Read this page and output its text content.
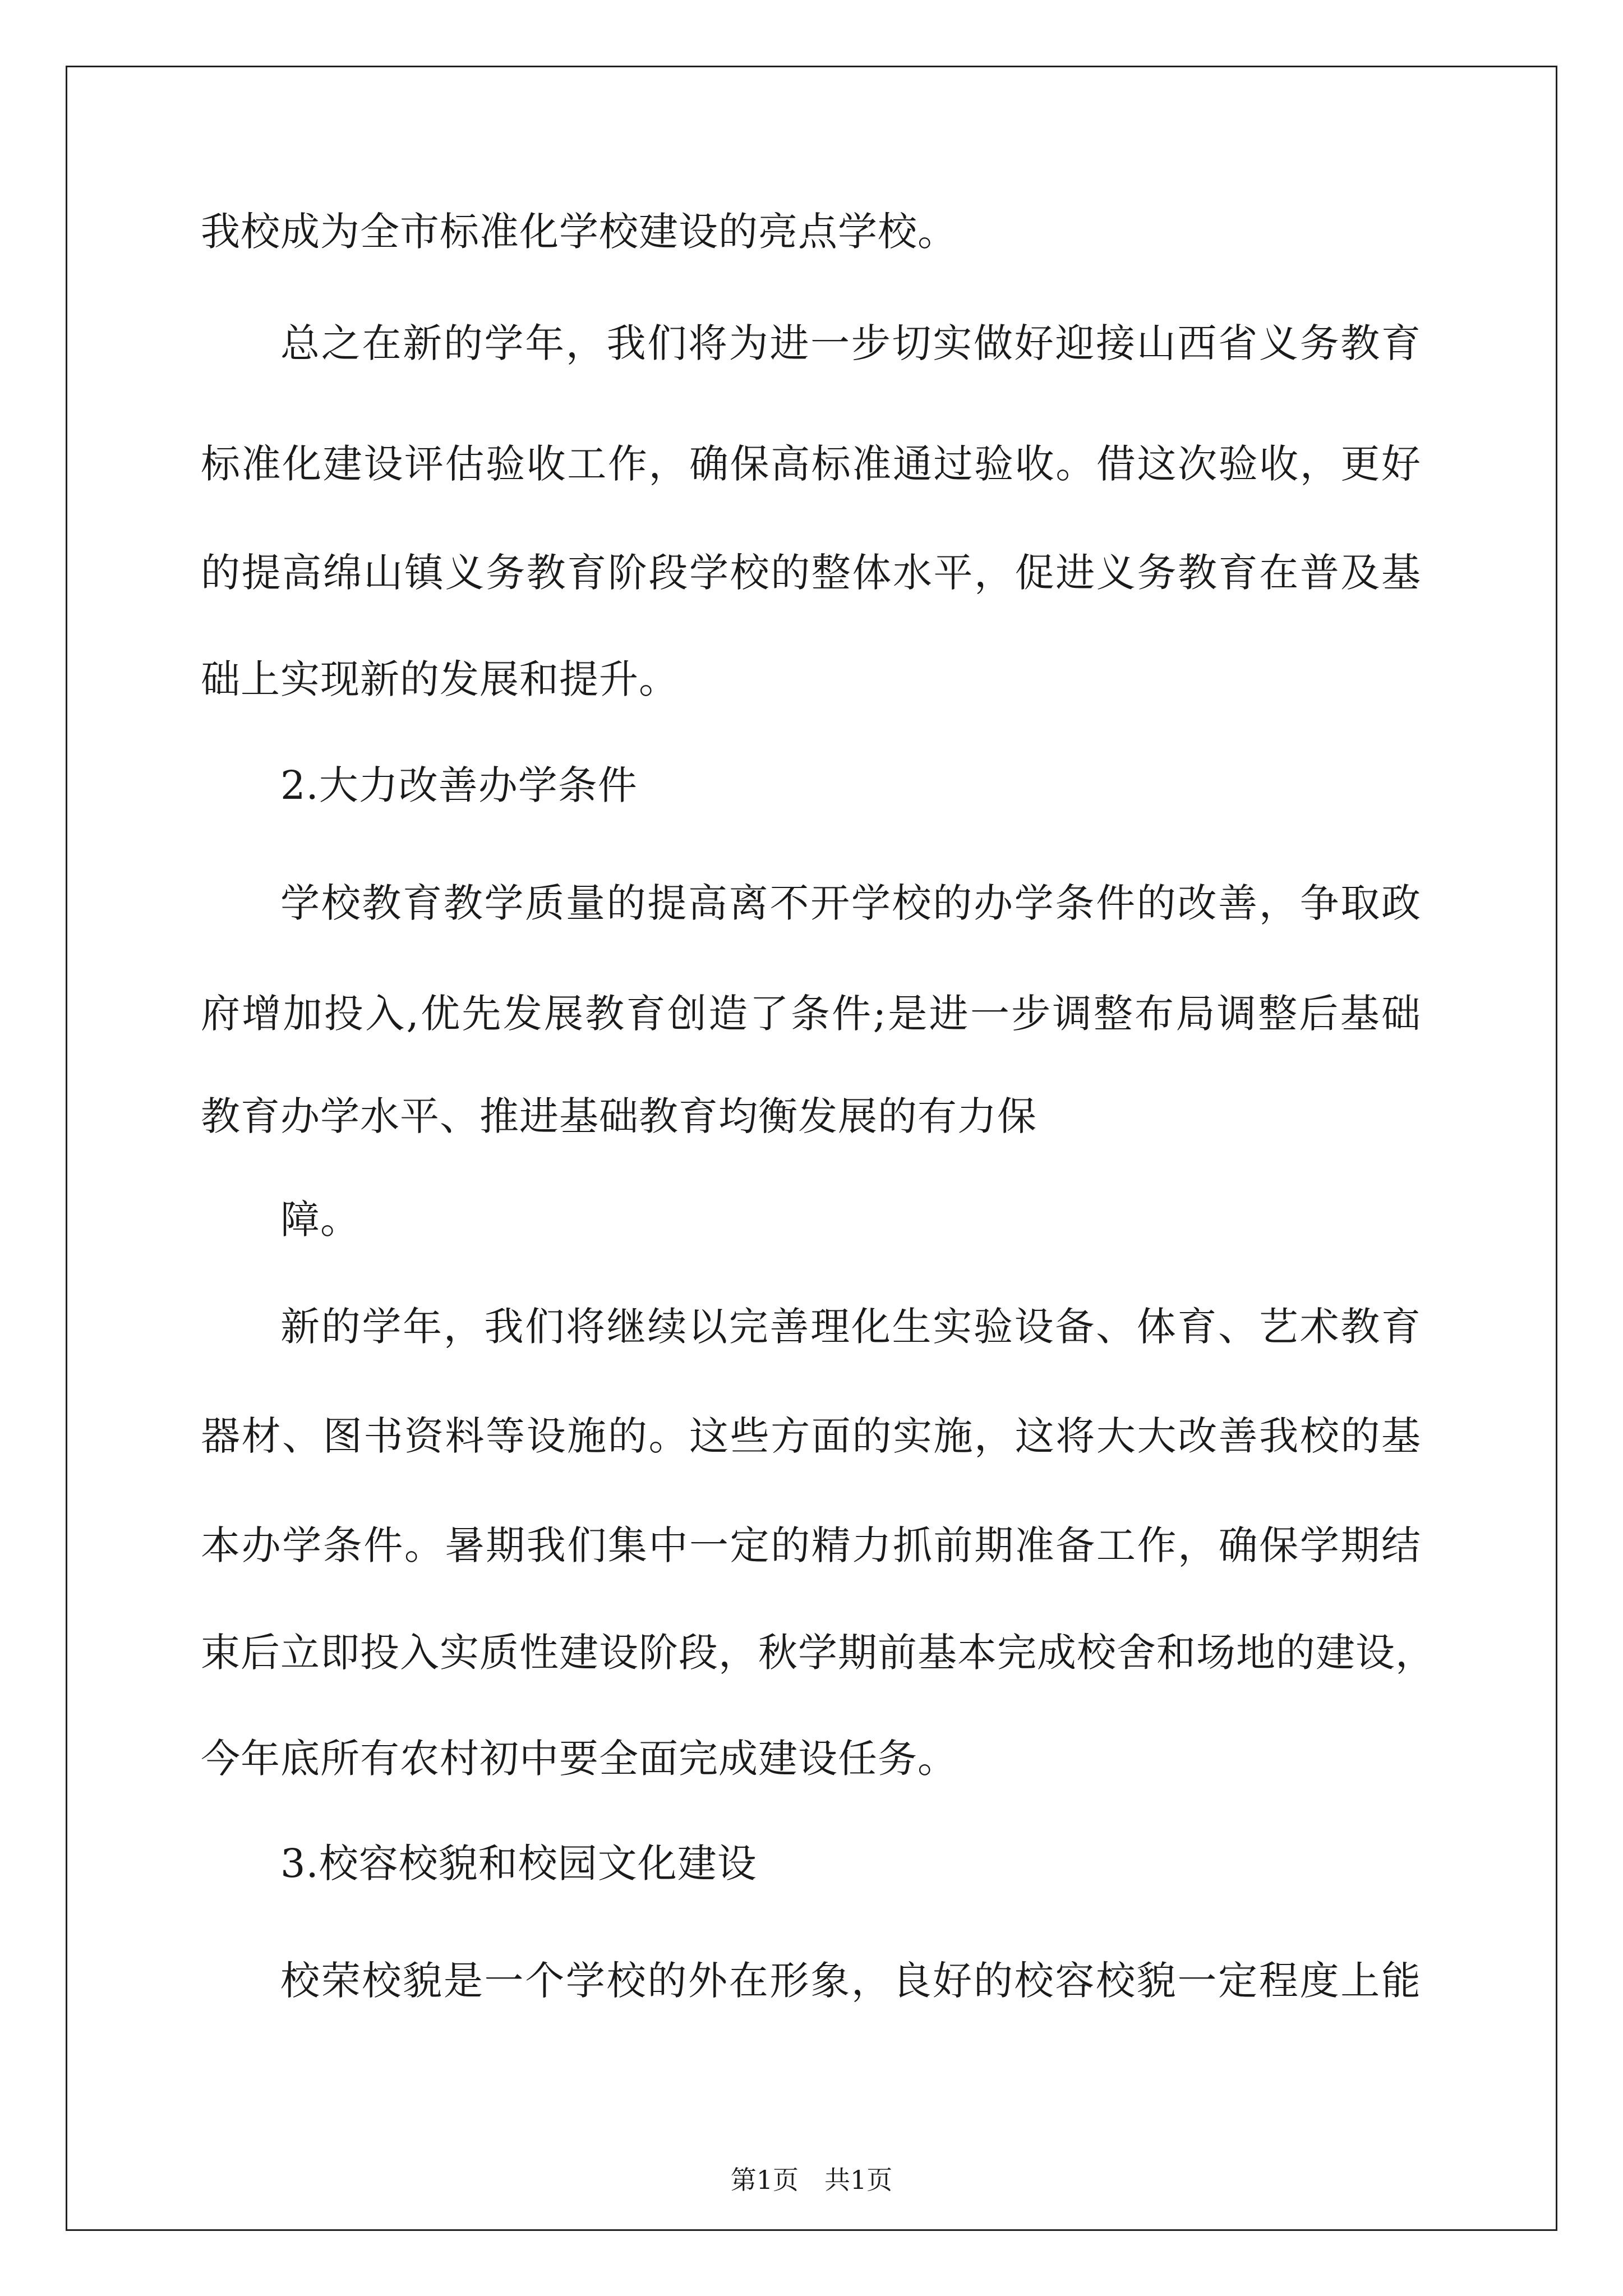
我校成为全市标准化学校建设的亮点学校。
总之在新的学年，我们将为进一步切实做好迎接山西省义务教育
标准化建设评估验收工作，确保高标准通过验收。借这次验收，更好
的提高绵山镇义务教育阶段学校的整体水平，促进义务教育在普及基
础上实现新的发展和提升。
2.大力改善办学条件
学校教育教学质量的提高离不开学校的办学条件的改善，争取政
府增加投入,优先发展教育创造了条件;是进一步调整布局调整后基础
教育办学水平、推进基础教育均衡发展的有力保
障。
新的学年，我们将继续以完善理化生实验设备、体育、艺术教育
器材、图书资料等设施的。这些方面的实施，这将大大改善我校的基
本办学条件。暑期我们集中一定的精力抓前期准备工作，确保学期结
束后立即投入实质性建设阶段，秋学期前基本完成校舍和场地的建设，
今年底所有农村初中要全面完成建设任务。
3.校容校貌和校园文化建设
校荣校貌是一个学校的外在形象，良好的校容校貌一定程度上能
第1页 共1页
